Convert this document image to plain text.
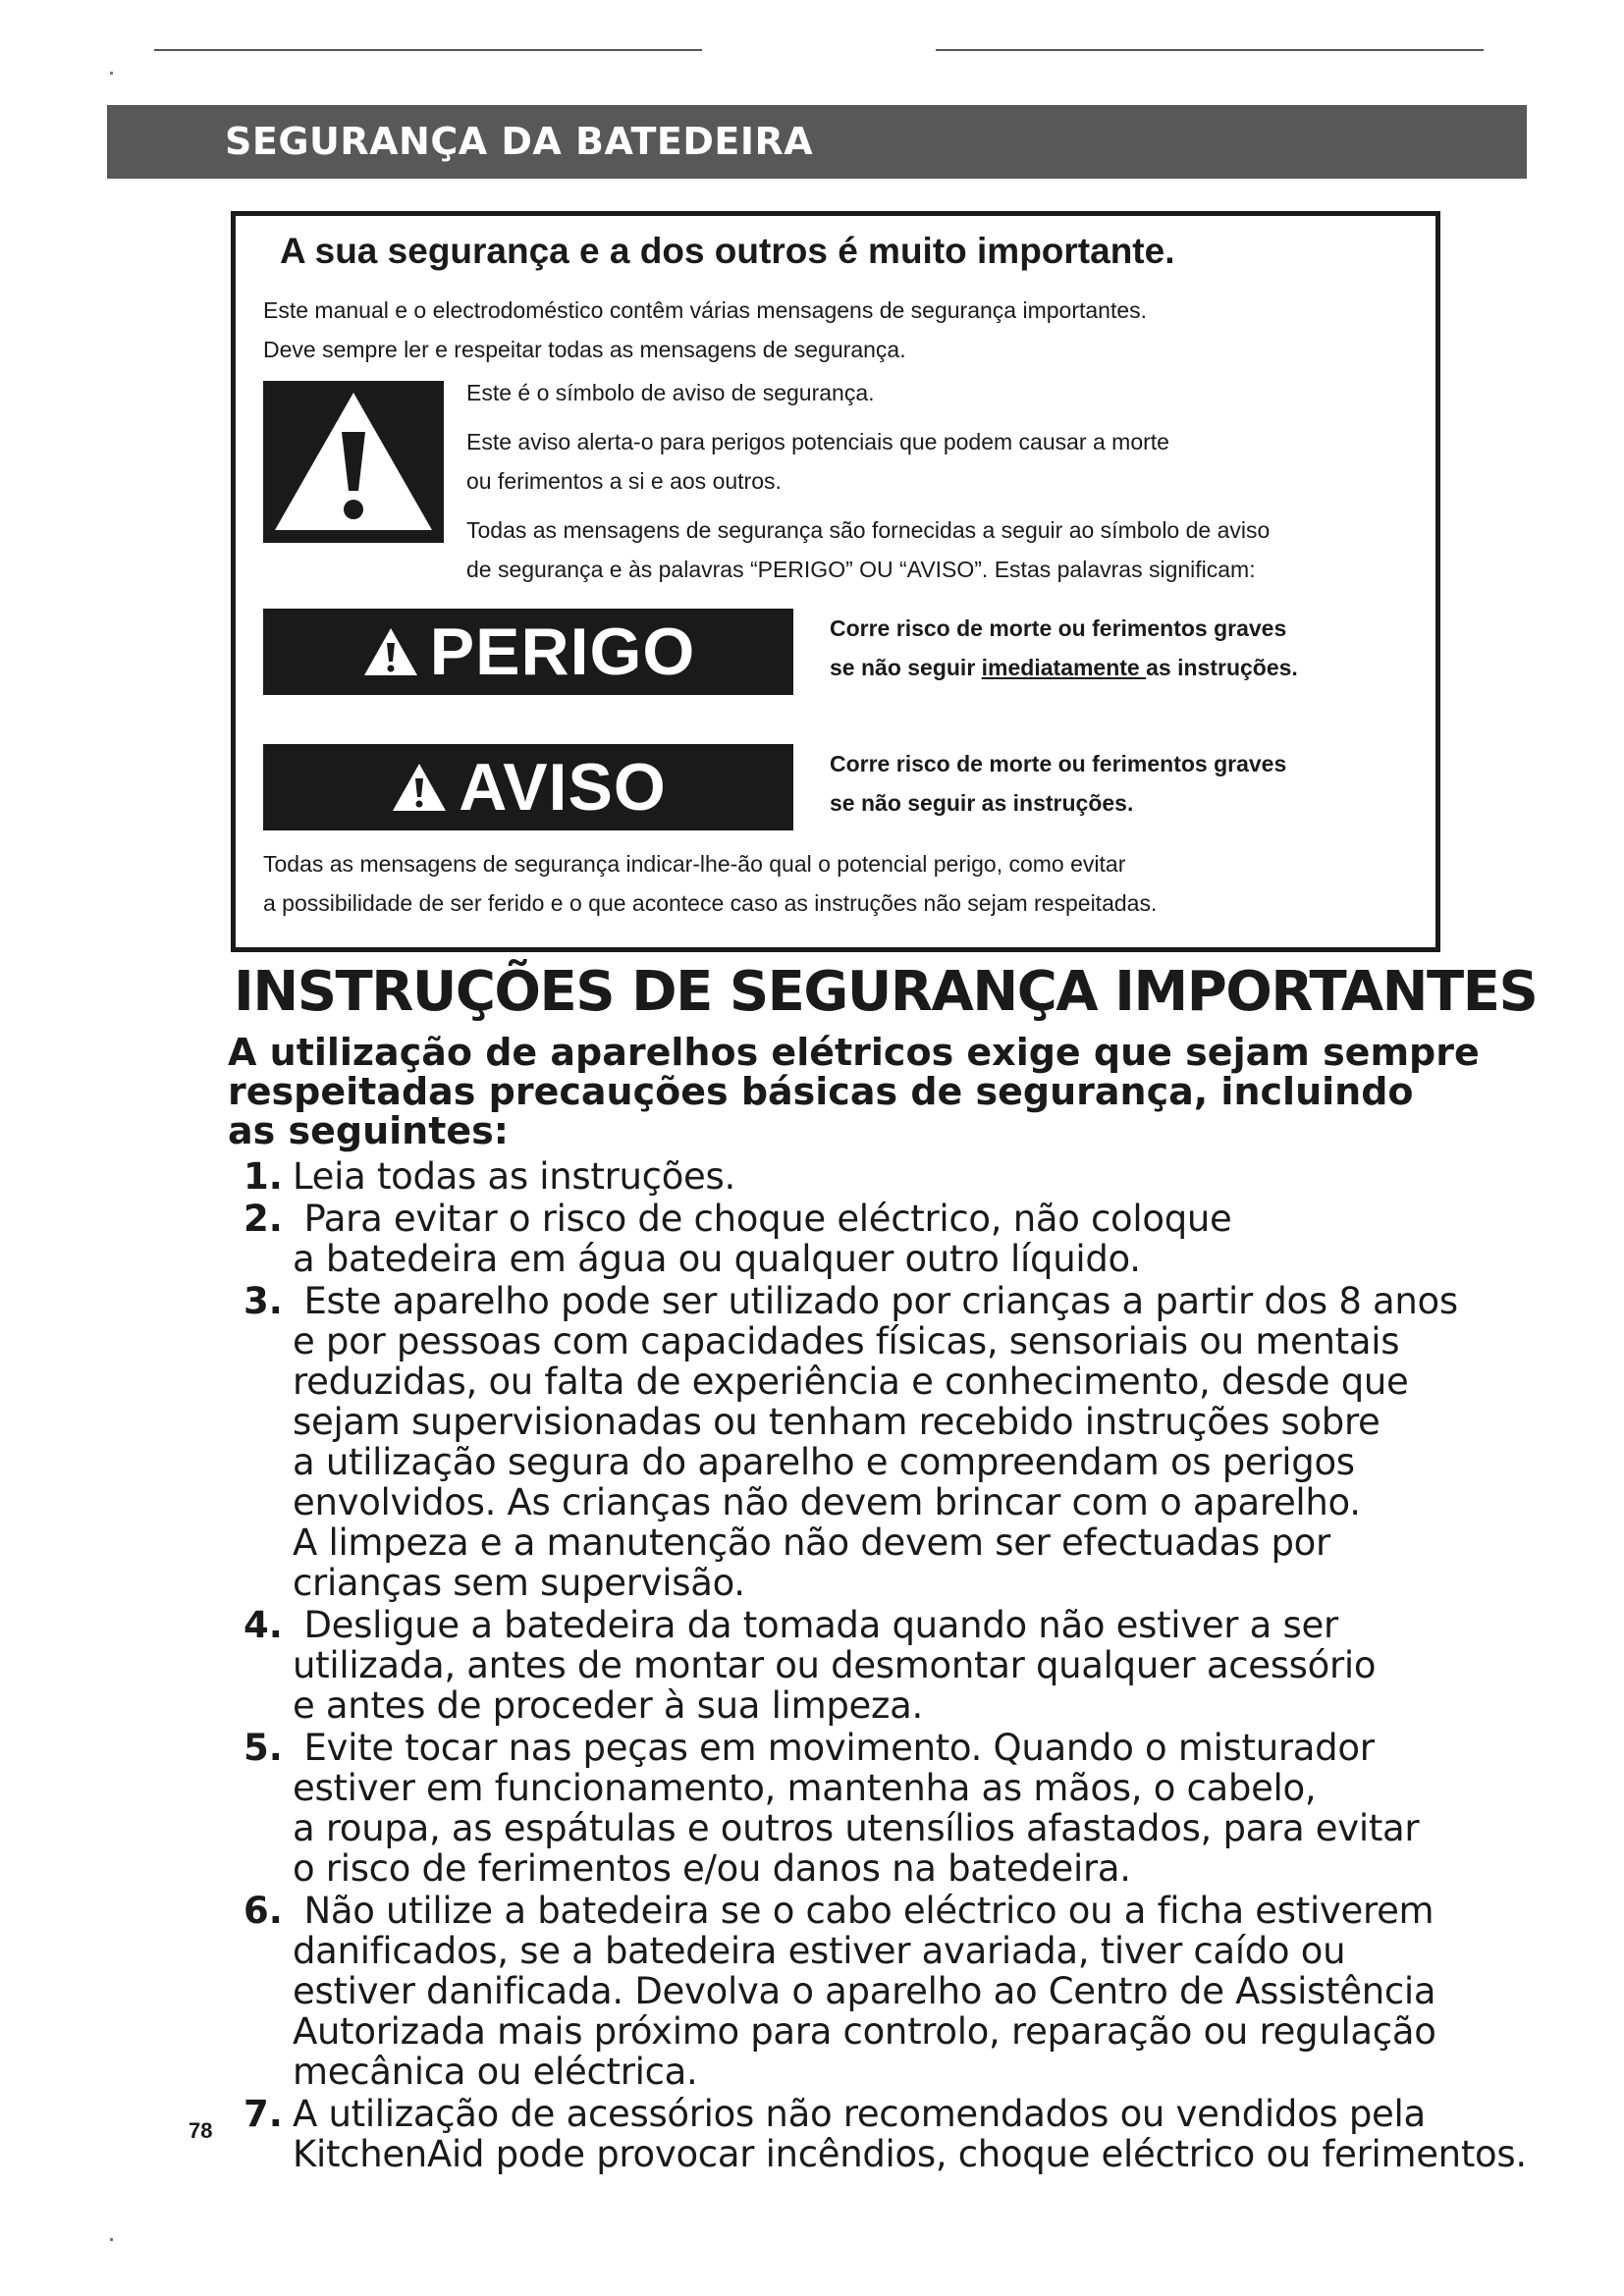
SEGURANÇA DA BATEDEIRA
A sua segurança e a dos outros é muito importante.
Este manual e o electrodoméstico contêm várias mensagens de segurança importantes.
Deve sempre ler e respeitar todas as mensagens de segurança.

Este é o símbolo de aviso de segurança.

Este aviso alerta-o para perigos potenciais que podem causar a morte
ou ferimentos a si e aos outros.

Todas as mensagens de segurança são fornecidas a seguir ao símbolo de aviso
de segurança e às palavras “PERIGO” OU “AVISO”. Estas palavras significam:

PERIGO	Corre risco de morte ou ferimentos graves
se não seguir imediatamente as instruções.
AVISO	Corre risco de morte ou ferimentos graves
se não seguir as instruções.
Todas as mensagens de segurança indicar-lhe-ão qual o potencial perigo, como evitar
a possibilidade de ser ferido e o que acontece caso as instruções não sejam respeitadas.
INSTRUÇÕES DE SEGURANÇA IMPORTANTES

A utilização de aparelhos elétricos exige que sejam sempre
respeitadas precauções básicas de segurança, incluindo
as seguintes:

1. Leia todas as instruções.
2. Para evitar o risco de choque eléctrico, não coloque
a batedeira em água ou qualquer outro líquido.
3. Este aparelho pode ser utilizado por crianças a partir dos 8 anos
e por pessoas com capacidades físicas, sensoriais ou mentais
reduzidas, ou falta de experiência e conhecimento, desde que
sejam supervisionadas ou tenham recebido instruções sobre
a utilização segura do aparelho e compreendam os perigos
envolvidos. As crianças não devem brincar com o aparelho.
A limpeza e a manutenção não devem ser efectuadas por
crianças sem supervisão.
4. Desligue a batedeira da tomada quando não estiver a ser
utilizada, antes de montar ou desmontar qualquer acessório
e antes de proceder à sua limpeza.
5. Evite tocar nas peças em movimento. Quando o misturador
estiver em funcionamento, mantenha as mãos, o cabelo,
a roupa, as espátulas e outros utensílios afastados, para evitar
o risco de ferimentos e/ou danos na batedeira.
6. Não utilize a batedeira se o cabo eléctrico ou a ficha estiverem
danificados, se a batedeira estiver avariada, tiver caído ou
estiver danificada. Devolva o aparelho ao Centro de Assistência
Autorizada mais próximo para controlo, reparação ou regulação
mecânica ou eléctrica.
7. A utilização de acessórios não recomendados ou vendidos pela
KitchenAid pode provocar incêndios, choque eléctrico ou ferimentos.
78
